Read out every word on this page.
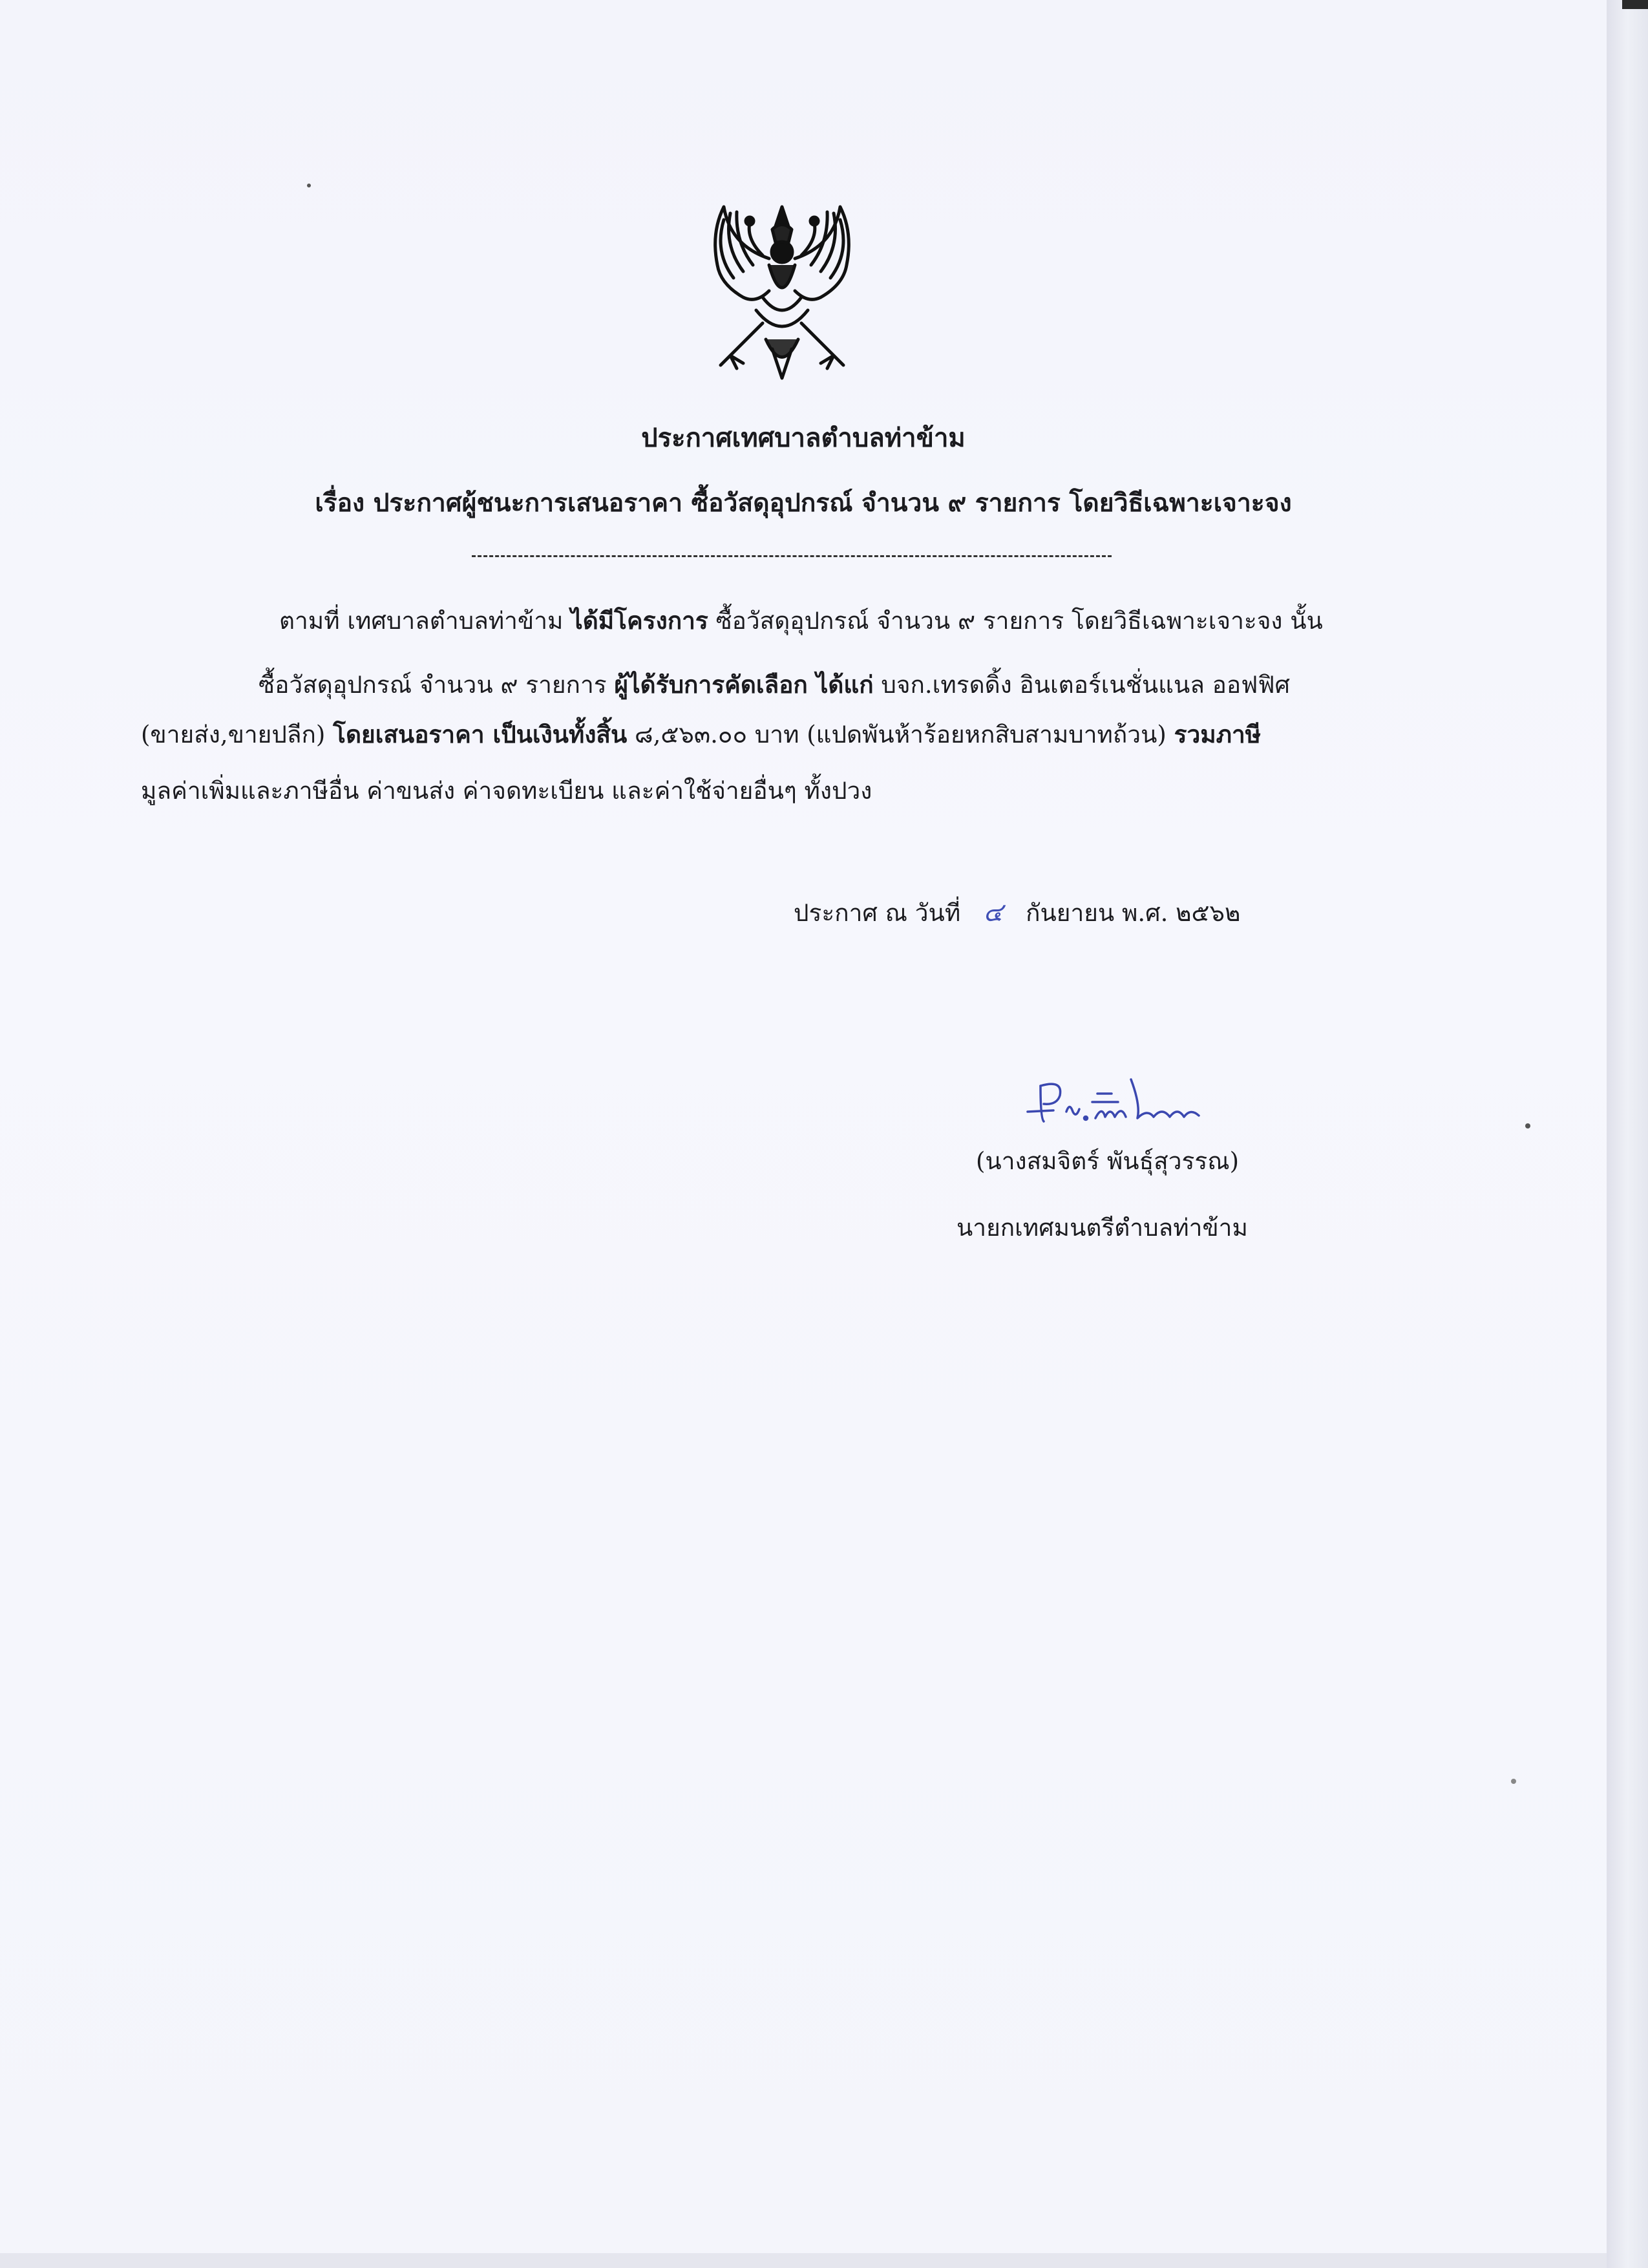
ประกาศเทศบาลตำบลท่าข้าม
เรื่อง ประกาศผู้ชนะการเสนอราคา ซื้อวัสดุอุปกรณ์ จำนวน ๙ รายการ โดยวิธีเฉพาะเจาะจง
ตามที่ เทศบาลตำบลท่าข้าม ได้มีโครงการ ซื้อวัสดุอุปกรณ์ จำนวน ๙ รายการ โดยวิธีเฉพาะเจาะจง นั้น
ซื้อวัสดุอุปกรณ์ จำนวน ๙ รายการ ผู้ได้รับการคัดเลือก ได้แก่ บจก.เทรดดิ้ง อินเตอร์เนชั่นแนล ออฟฟิศ
(ขายส่ง,ขายปลีก) โดยเสนอราคา เป็นเงินทั้งสิ้น ๘,๕๖๓.๐๐ บาท (แปดพันห้าร้อยหกสิบสามบาทถ้วน) รวมภาษี
มูลค่าเพิ่มและภาษีอื่น ค่าขนส่ง ค่าจดทะเบียน และค่าใช้จ่ายอื่นๆ ทั้งปวง
ประกาศ ณ วันที่ ๔ กันยายน พ.ศ. ๒๕๖๒
(นางสมจิตร์ พันธุ์สุวรรณ)
นายกเทศมนตรีตำบลท่าข้าม
